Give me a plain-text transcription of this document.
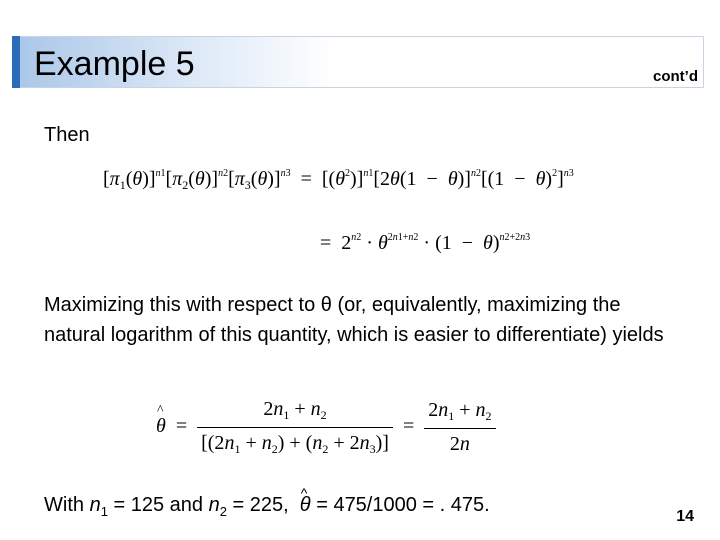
Example 5	cont’d
Then
$[\pi_1(\theta)]^{n1}[\pi_2(\theta)]^{n2}[\pi_3(\theta)]^{n3} = [(\theta^2)]^{n1}[2\theta(1 - \theta)]^{n2}[(1 - \theta)^2]^{n3}$
=  $2^{n2} \cdot \theta^{2n1+n2} \cdot (1 - \theta)^{n2+2n3}$
Maximizing this with respect to θ (or, equivalently, maximizing the natural logarithm of this quantity, which is easier to differentiate) yields
^ $\theta = \frac{2n_1 + n_2}{[(2n_1 + n_2) + (n_2 + 2n_3)]} = \frac{2n_1 + n_2}{2n}$
With $n_1 = 125$ and $n_2 = 225$,  ^ θ = 475/1000 = . 475.
14
